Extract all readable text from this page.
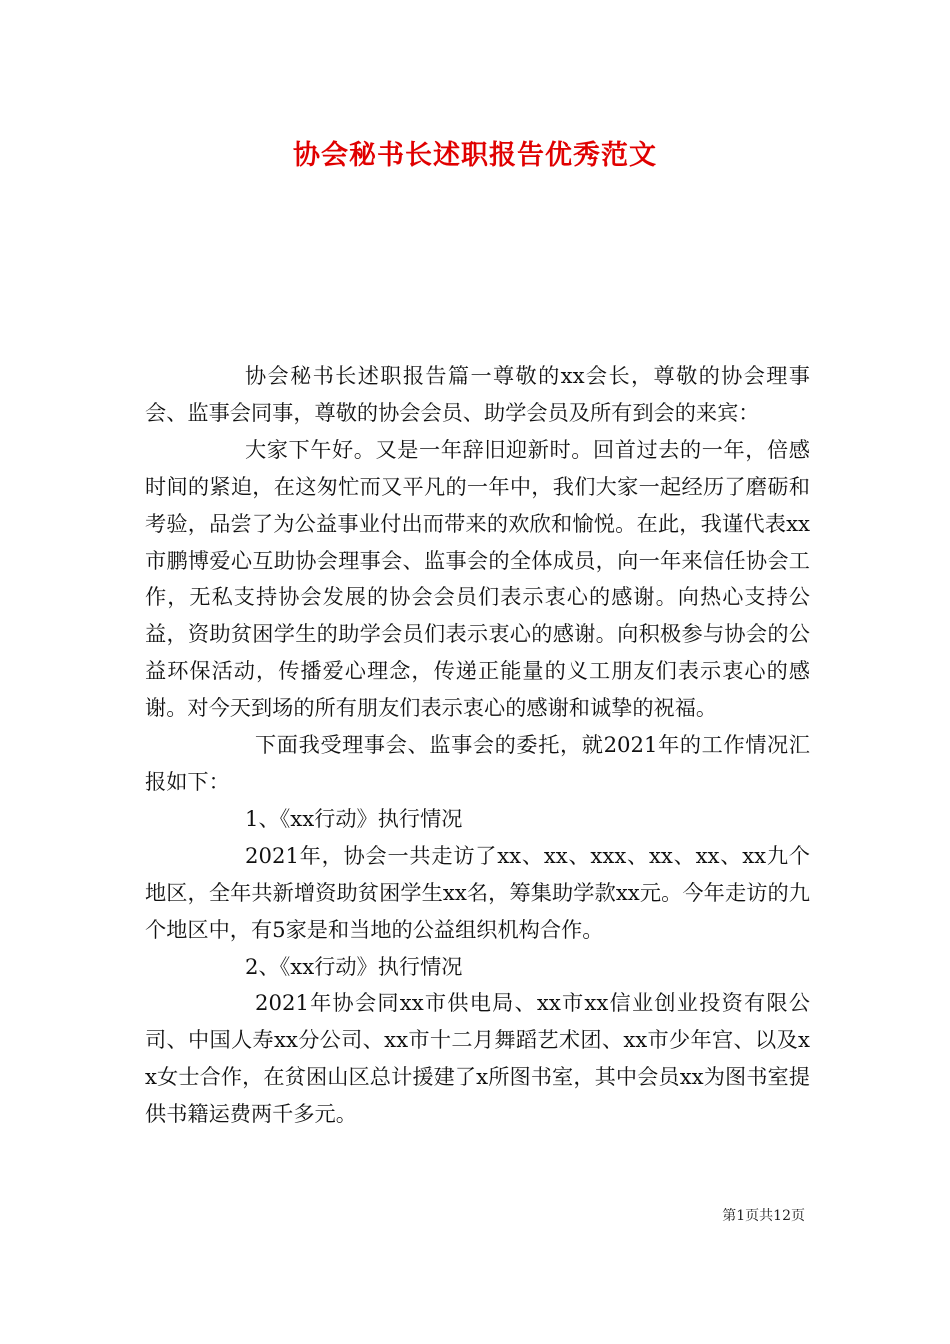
协会秘书长述职报告优秀范文

协会秘书长述职报告篇一尊敬的xx会长，尊敬的协会理事会、监事会同事，尊敬的协会会员、助学会员及所有到会的来宾：

大家下午好。又是一年辞旧迎新时。回首过去的一年，倍感时间的紧迫，在这匆忙而又平凡的一年中，我们大家一起经历了磨砺和考验，品尝了为公益事业付出而带来的欢欣和愉悦。在此，我谨代表xx市鹏博爱心互助协会理事会、监事会的全体成员，向一年来信任协会工作，无私支持协会发展的协会会员们表示衷心的感谢。向热心支持公益，资助贫困学生的助学会员们表示衷心的感谢。向积极参与协会的公益环保活动，传播爱心理念，传递正能量的义工朋友们表示衷心的感谢。对今天到场的所有朋友们表示衷心的感谢和诚挚的祝福。

下面我受理事会、监事会的委托，就2021年的工作情况汇报如下：

1、《xx行动》执行情况

2021年，协会一共走访了xx、xx、xxx、xx、xx、xx九个地区，全年共新增资助贫困学生xx名，筹集助学款xx元。今年走访的九个地区中，有5家是和当地的公益组织机构合作。

2、《xx行动》执行情况

2021年协会同xx市供电局、xx市xx信业创业投资有限公司、中国人寿xx分公司、xx市十二月舞蹈艺术团、xx市少年宫、以及xx女士合作，在贫困山区总计援建了x所图书室，其中会员xx为图书室提供书籍运费两千多元。

第1页共12页
